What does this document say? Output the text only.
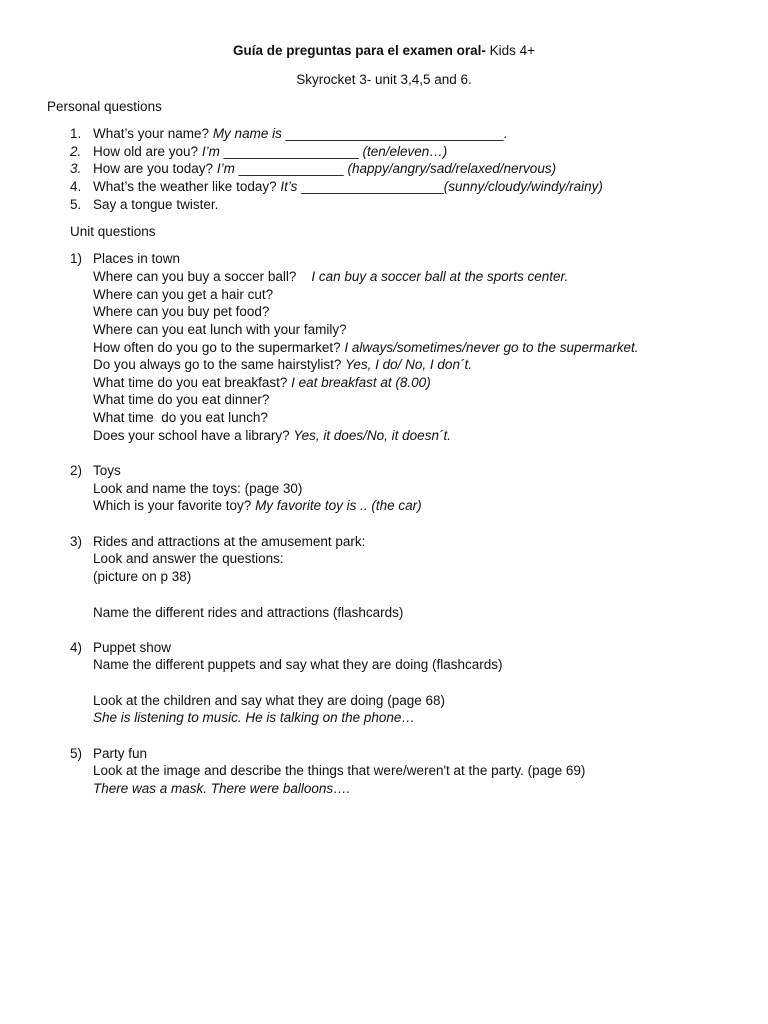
Guía de preguntas para el examen oral- Kids 4+
Skyrocket 3- unit 3,4,5 and 6.
Personal questions
1. What’s your name? My name is _____________________________.
2. How old are you? I’m __________________ (ten/eleven…)
3. How are you today? I’m ______________ (happy/angry/sad/relaxed/nervous)
4. What’s the weather like today? It’s ___________________(sunny/cloudy/windy/rainy)
5. Say a tongue twister.
Unit questions
1) Places in town
Where can you buy a soccer ball?    I can buy a soccer ball at the sports center.
Where can you get a hair cut?
Where can you buy pet food?
Where can you eat lunch with your family?
How often do you go to the supermarket? I always/sometimes/never go to the supermarket.
Do you always go to the same hairstylist? Yes, I do/ No, I don´t.
What time do you eat breakfast? I eat breakfast at (8.00)
What time do you eat dinner?
What time  do you eat lunch?
Does your school have a library? Yes, it does/No, it doesn´t.
2) Toys
Look and name the toys: (page 30)
Which is your favorite toy? My favorite toy is .. (the car)
3) Rides and attractions at the amusement park:
Look and answer the questions:
(picture on p 38)
Name the different rides and attractions (flashcards)
4) Puppet show
Name the different puppets and say what they are doing (flashcards)
Look at the children and say what they are doing (page 68)
She is listening to music. He is talking on the phone…
5) Party fun
Look at the image and describe the things that were/weren't at the party. (page 69)
There was a mask. There were balloons….
